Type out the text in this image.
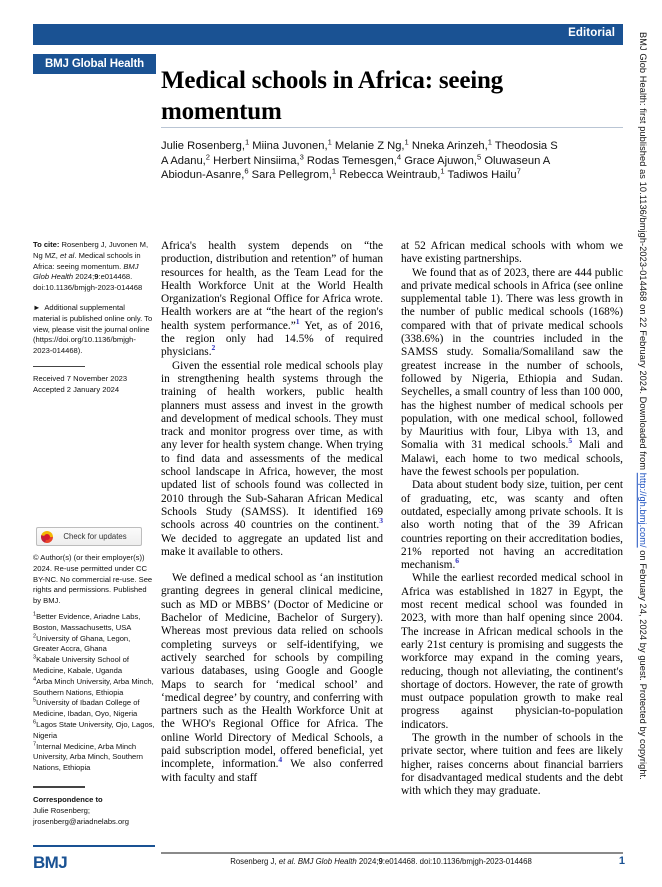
Editorial
BMJ Global Health
Medical schools in Africa: seeing momentum
Julie Rosenberg,$^1$ Miina Juvonen,$^1$ Melanie Z Ng,$^1$ Nneka Arinzeh,$^1$ Theodosia S A Adanu,$^2$ Herbert Ninsiima,$^3$ Rodas Temesgen,$^4$ Grace Ajuwon,$^5$ Oluwaseun A Abiodun-Asanre,$^6$ Sara Pellegrom,$^1$ Rebecca Weintraub,$^1$ Tadiwos Hailu$^7$

To cite: Rosenberg J, Juvonen M, Ng MZ, et al. Medical schools in Africa: seeing momentum. BMJ Glob Health 2024;9:e014468. doi:10.1136/bmjgh-2023-014468

►  Additional supplemental material is published online only. To view, please visit the journal online (https://doi.org/10.1136/bmjgh-2023-014468).

Received 7 November 2023
Accepted 2 January 2024

Check for updates

© Author(s) (or their employer(s)) 2024. Re-use permitted under CC BY-NC. No commercial re-use. See rights and permissions. Published by BMJ.

$^1$Better Evidence, Ariadne Labs, Boston, Massachusetts, USA
$^2$University of Ghana, Legon, Greater Accra, Ghana
$^3$Kabale University School of Medicine, Kabale, Uganda
$^4$Arba Minch University, Arba Minch, Southern Nations, Ethiopia
$^5$University of Ibadan College of Medicine, Ibadan, Oyo, Nigeria
$^6$Lagos State University, Ojo, Lagos, Nigeria
$^7$Internal Medicine, Arba Minch University, Arba Minch, Southern Nations, Ethiopia
Correspondence to
Julie Rosenberg;
jrosenberg@ariadnelabs.org
BMJ

Africa's health system depends on “the production, distribution and retention” of human resources for health, as the Team Lead for the Health Workforce Unit at the World Health Organization's Regional Office for Africa wrote. Health workers are at “the heart of the region's health system performance.”$^1$ Yet, as of 2016, the region only had 14.5% of required physicians.$^2$

Given the essential role medical schools play in strengthening health systems through the training of health workers, public health planners must assess and invest in the growth and development of medical schools. They must track and monitor progress over time, as with any lever for health system change. When trying to find data and assessments of the medical school landscape in Africa, however, the most updated list of schools found was collected in 2010 through the Sub-Saharan African Medical Schools Study (SAMSS). It identified 169 schools across 40 countries on the continent.$^3$ We decided to aggregate an updated list and make it available to others.

We defined a medical school as ‘an institution granting degrees in general clinical medicine, such as MD or MBBS’ (Doctor of Medicine or Bachelor of Medicine, Bachelor of Surgery). Whereas most previous data relied on schools completing surveys or self-identifying, we actively searched for schools by compiling various databases, using Google and Google Maps to search for ‘medical school’ and ‘medical degree’ by country, and conferring with partners such as the Health Workforce Unit at the WHO's Regional Office for Africa. The online World Directory of Medical Schools, a paid subscription model, offered beneficial, yet incomplete, information.$^4$ We also conferred with faculty and staff

at 52 African medical schools with whom we have existing partnerships.

We found that as of 2023, there are 444 public and private medical schools in Africa (see online supplemental table 1). There was less growth in the number of public medical schools (168%) compared with that of private medical schools (338.6%) in the countries included in the SAMSS study. Somalia/Somaliland saw the greatest increase in the number of schools, followed by Nigeria, Ethiopia and Sudan. Seychelles, a small country of less than 100 000, has the highest number of medical schools per population, with one medical school, followed by Mauritius with four, Libya with 13, and Somalia with 31 medical schools.$^5$ Mali and Malawi, each home to two medical schools, have the fewest schools per population.

Data about student body size, tuition, per cent of graduating, etc, was scanty and often outdated, especially among private schools. It is also worth noting that of the 39 African countries reporting on their accreditation bodies, 21% reported not having an accreditation mechanism.$^6$

While the earliest recorded medical school in Africa was established in 1827 in Egypt, the most recent medical school was founded in 2023, with more than half opening since 2004. The increase in African medical schools in the early 21st century is promising and suggests the workforce may expand in the coming years, reducing, though not alleviating, the continent's shortage of doctors. However, the rate of growth must outpace population growth to make real progress against physician-to-population indicators.

The growth in the number of schools in the private sector, where tuition and fees are likely higher, raises concerns about financial barriers for disadvantaged medical students and the debt with which they may graduate.

Rosenberg J, et al. BMJ Glob Health 2024;9:e014468. doi:10.1136/bmjgh-2023-014468	1
BMJ Glob Health: first published as 10.1136/bmjgh-2023-014468 on 22 February 2024. Downloaded from http://gh.bmj.com/ on February 24, 2024 by guest. Protected by copyright.
